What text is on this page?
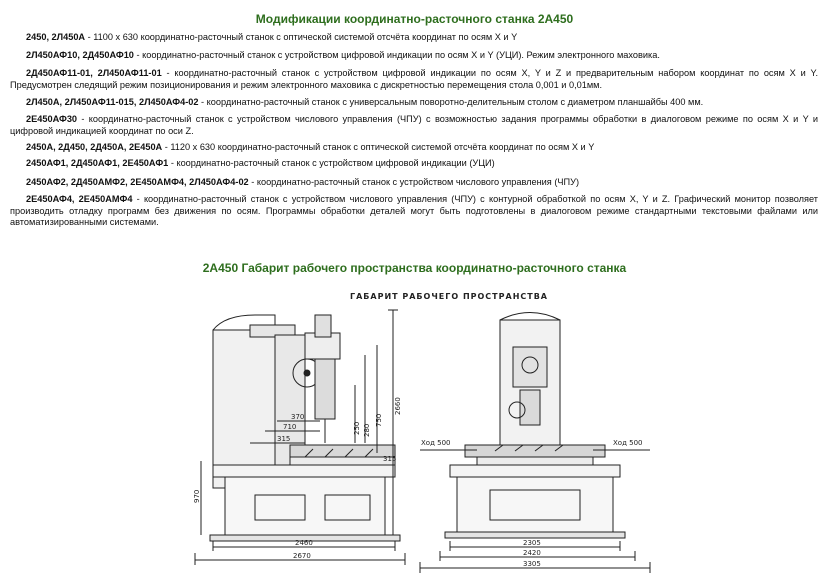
Модификации координатно-расточного станка 2А450

2450, 2Л450А - 1100 х 630 координатно-расточный станок с оптической системой отсчёта координат по осям X и Y

2Л450АФ10, 2Д450АФ10 - координатно-расточный станок с устройством цифровой индикации по осям X и Y (УЦИ). Режим электронного маховика.

2Д450АФ11-01, 2Л450АФ11-01 - координатно-расточный станок с устройством цифровой индикации по осям X, Y и Z и предварительным набором координат по осям X и Y. Предусмотрен следящий режим позиционирования и режим электронного маховика с дискретностью перемещения стола 0,001 и 0,01мм.

2Л450А, 2Л450АФ11-015, 2Л450АФ4-02 - координатно-расточный станок с универсальным поворотно-делительным столом с диаметром планшайбы 400 мм.

2Е450АФ30 - координатно-расточный станок с устройством числового управления (ЧПУ) с возможностью задания программы обработки в диалоговом режиме по осям X и Y и цифровой индикацией координат по оси Z.

2450А, 2Д450, 2Д450А, 2Е450А - 1120 х 630 координатно-расточный станок с оптической системой отсчёта координат по осям X и Y

2450АФ1, 2Д450АФ1, 2Е450АФ1 - координатно-расточный станок с устройством цифровой индикации (УЦИ)

2450АФ2, 2Д450АМФ2, 2Е450АМФ4, 2Л450АФ4-02 - координатно-расточный станок с устройством числового управления (ЧПУ)

2Е450АФ4, 2Е450АМФ4 - координатно-расточный станок с устройством числового управления (ЧПУ) с контурной обработкой по осям X, Y и Z. Графический монитор позволяет производить отладку программ без движения по осям. Программы обработки деталей могут быть подготовлены в диалоговом режиме стандартными текстовыми файлами или автоматизированными системами.

2А450 Габарит рабочего пространства координатно-расточного станка
ГАБАРИТ РАБОЧЕГО ПРОСТРАНСТВА
2460
2670
2660
970
750
710
315
315
250 280
370
Ход 500	Ход 500
2305
2420
3305
